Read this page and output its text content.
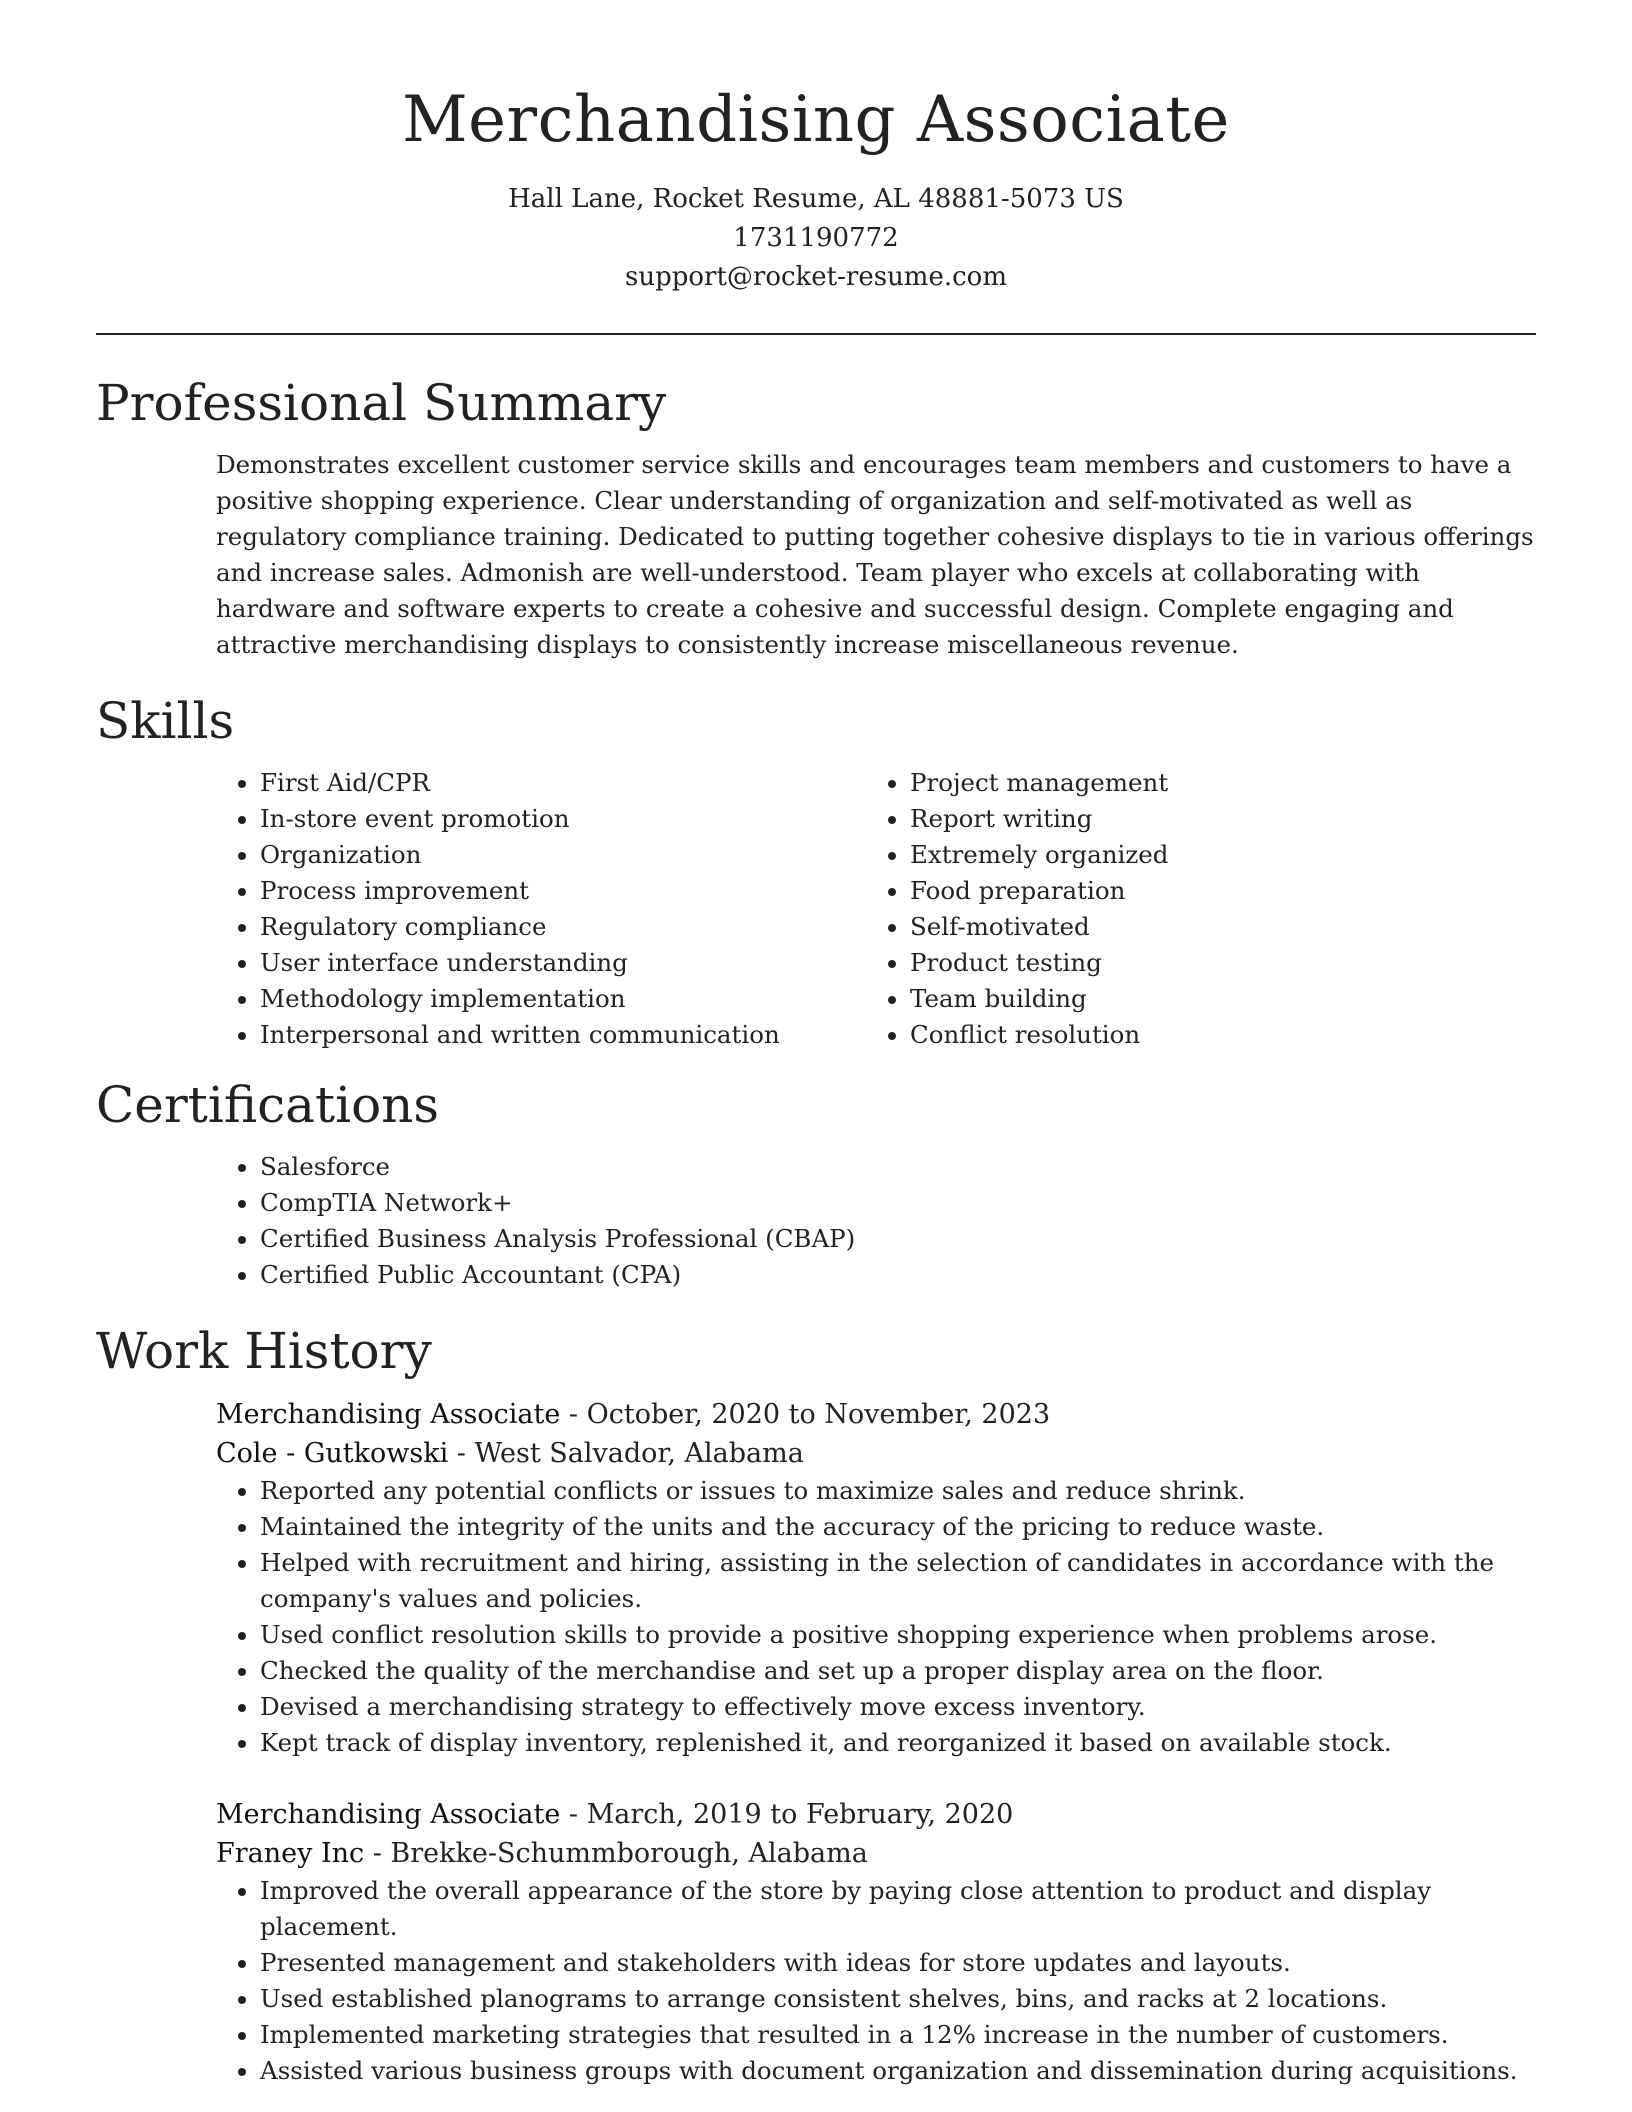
Merchandising Associate
Hall Lane, Rocket Resume, AL 48881-5073 US
1731190772
support@rocket-resume.com
Professional Summary

Demonstrates excellent customer service skills and encourages team members and customers to have a positive shopping experience. Clear understanding of organization and self-motivated as well as regulatory compliance training. Dedicated to putting together cohesive displays to tie in various offerings and increase sales. Admonish are well-understood. Team player who excels at collaborating with hardware and software experts to create a cohesive and successful design. Complete engaging and attractive merchandising displays to consistently increase miscellaneous revenue.

Skills
• First Aid/CPR
• In-store event promotion
• Organization
• Process improvement
• Regulatory compliance
• User interface understanding
• Methodology implementation
• Interpersonal and written communication
• Project management
• Report writing
• Extremely organized
• Food preparation
• Self-motivated
• Product testing
• Team building
• Conflict resolution
Certifications
• Salesforce
• CompTIA Network+
• Certified Business Analysis Professional (CBAP)
• Certified Public Accountant (CPA)
Work History
Merchandising Associate - October, 2020 to November, 2023
Cole - Gutkowski - West Salvador, Alabama
• Reported any potential conflicts or issues to maximize sales and reduce shrink.
• Maintained the integrity of the units and the accuracy of the pricing to reduce waste.
• Helped with recruitment and hiring, assisting in the selection of candidates in accordance with the company's values and policies.
• Used conflict resolution skills to provide a positive shopping experience when problems arose.
• Checked the quality of the merchandise and set up a proper display area on the floor.
• Devised a merchandising strategy to effectively move excess inventory.
• Kept track of display inventory, replenished it, and reorganized it based on available stock.
Merchandising Associate - March, 2019 to February, 2020
Franey Inc - Brekke-Schummborough, Alabama
• Improved the overall appearance of the store by paying close attention to product and display placement.
• Presented management and stakeholders with ideas for store updates and layouts.
• Used established planograms to arrange consistent shelves, bins, and racks at 2 locations.
• Implemented marketing strategies that resulted in a 12% increase in the number of customers.
• Assisted various business groups with document organization and dissemination during acquisitions.
